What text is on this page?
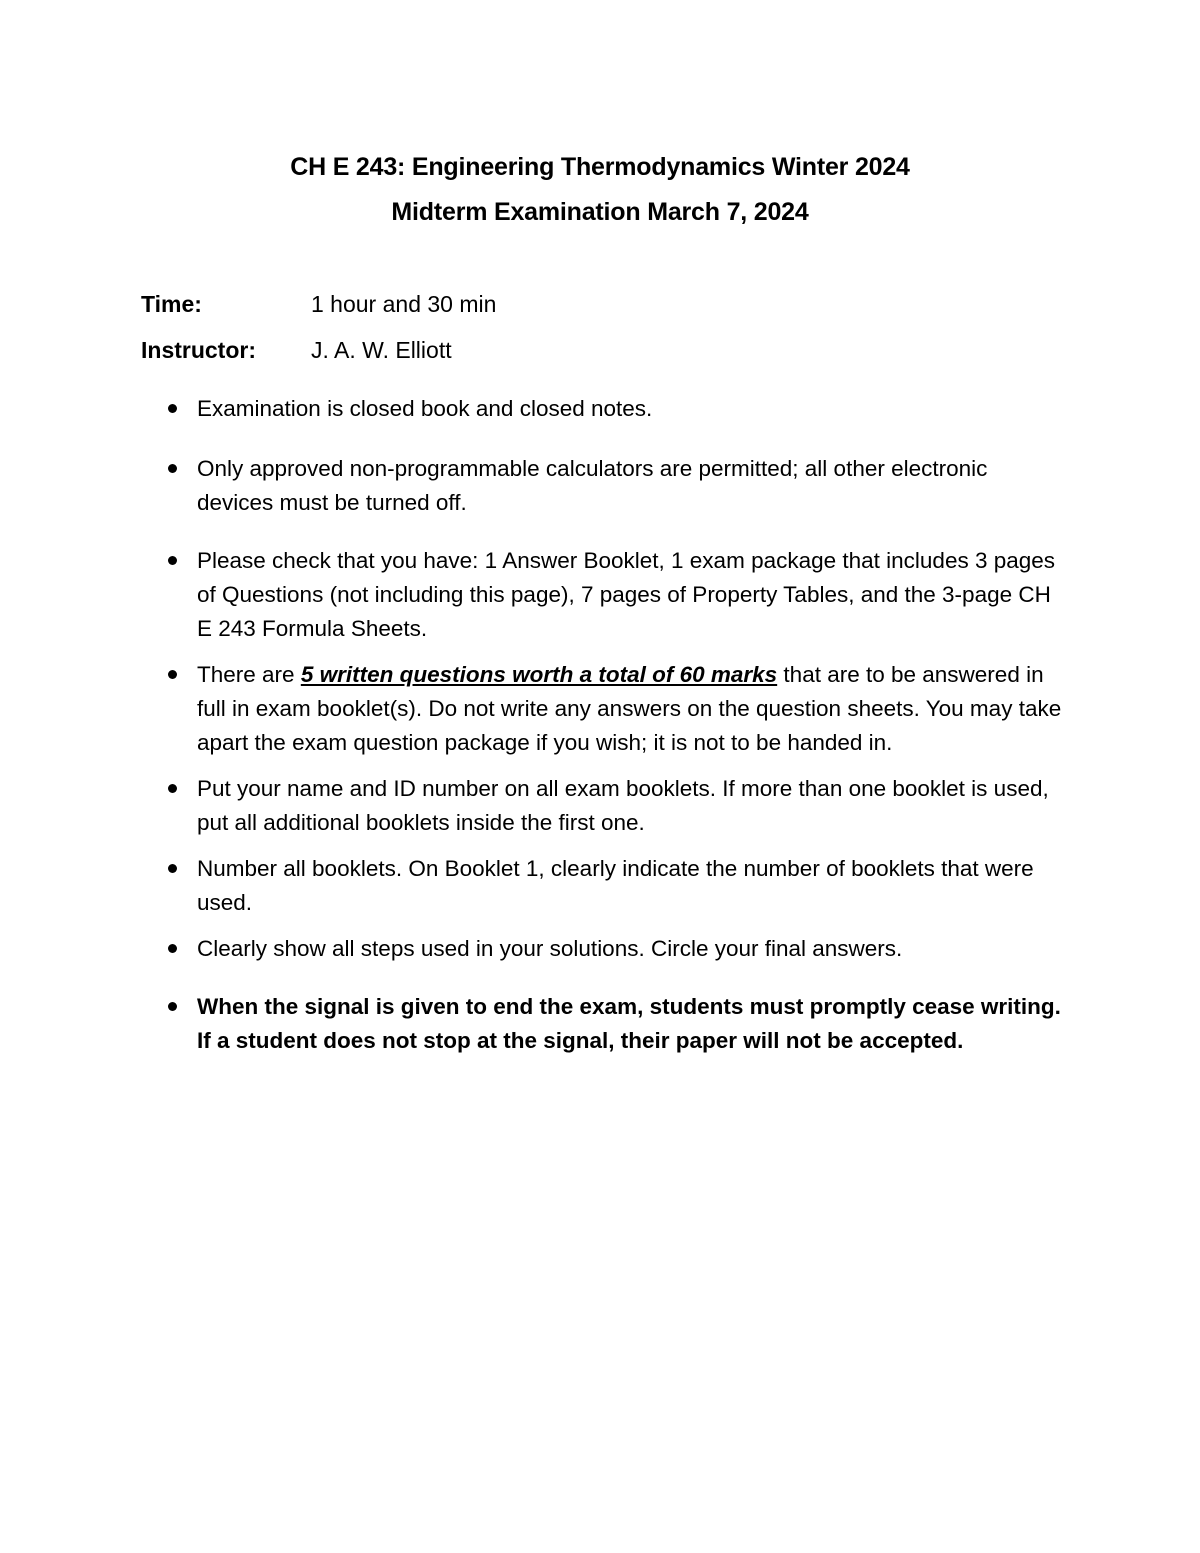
CH E 243: Engineering Thermodynamics Winter 2024
Midterm Examination March 7, 2024
Time:	1 hour and 30 min
Instructor: J. A. W. Elliott
Examination is closed book and closed notes.
Only approved non-programmable calculators are permitted; all other electronic devices must be turned off.
Please check that you have: 1 Answer Booklet, 1 exam package that includes 3 pages of Questions (not including this page), 7 pages of Property Tables, and the 3-page CH E 243 Formula Sheets.
There are 5 written questions worth a total of 60 marks that are to be answered in full in exam booklet(s). Do not write any answers on the question sheets. You may take apart the exam question package if you wish; it is not to be handed in.
Put your name and ID number on all exam booklets. If more than one booklet is used, put all additional booklets inside the first one.
Number all booklets. On Booklet 1, clearly indicate the number of booklets that were used.
Clearly show all steps used in your solutions. Circle your final answers.
When the signal is given to end the exam, students must promptly cease writing. If a student does not stop at the signal, their paper will not be accepted.
